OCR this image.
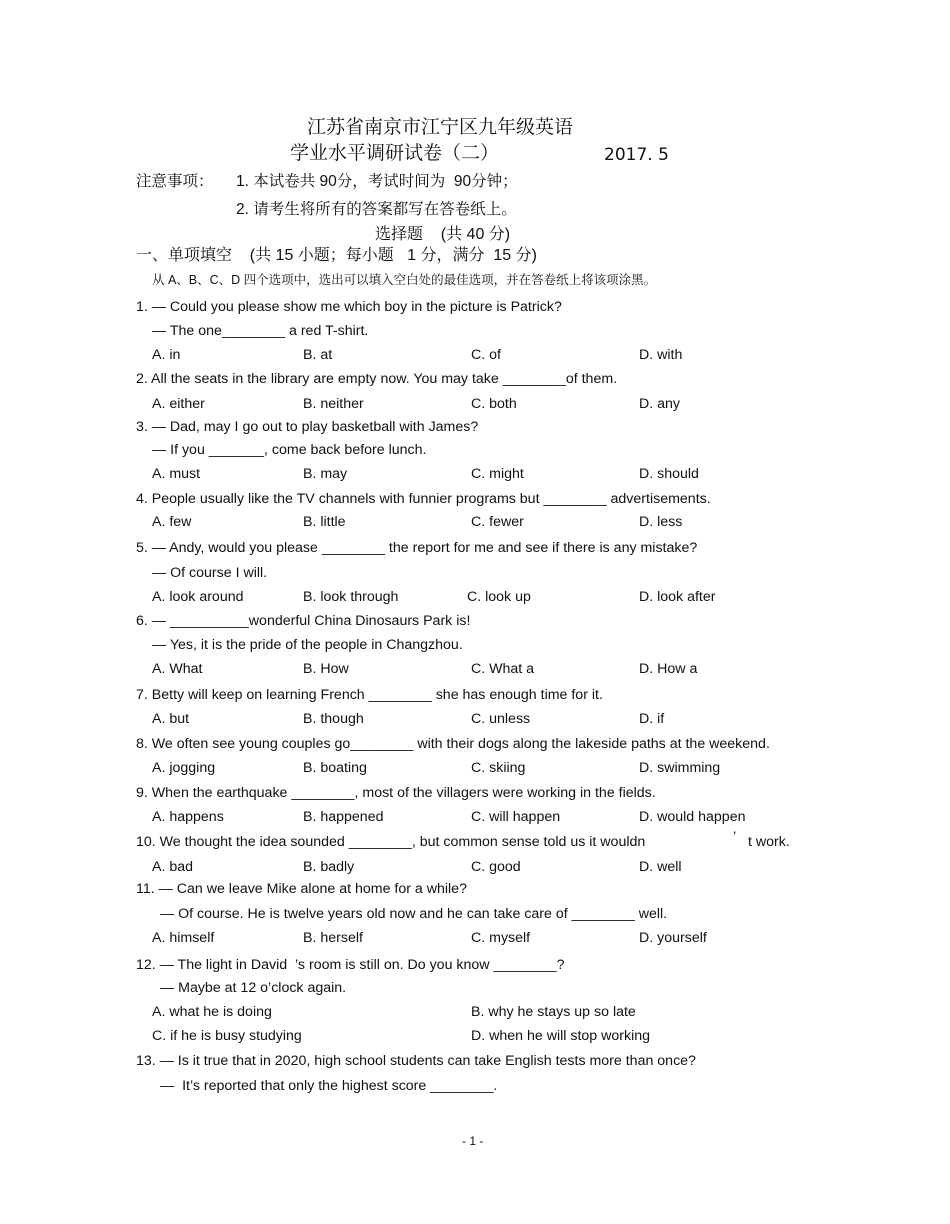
江苏省南京市江宁区九年级英语
学业水平调研试卷（二）	2017. 5
注意事项： 1. 本试卷共 90分，考试时间为  90分钟；
2. 请考生将所有的答案都写在答卷纸上。
选择题    (共 40 分)
一、单项填空    (共 15 小题；每小题   1 分，满分  15 分)
从 A、B、C、D 四个选项中，选出可以填入空白处的最佳选项，并在答卷纸上将该项涂黑。
1. — Could you please show me which boy in the picture is Patrick?
— The one________ a red T-shirt.
A. in	B. at	C. of	D. with
2. All the seats in the library are empty now. You may take ________of them.
A. either	B. neither	C. both	D. any
3. — Dad, may I go out to play basketball with James?
— If you _______, come back before lunch.
A. must	B. may	C. might	D. should
4. People usually like the TV channels with funnier programs but ________ advertisements.
A. few	B. little	C. fewer	D. less
5. — Andy, would you please ________ the report for me and see if there is any mistake?
— Of course I will.
A. look around	B. look through	C. look up	D. look after
6. — __________wonderful China Dinosaurs Park is!
— Yes, it is the pride of the people in Changzhou.
A. What	B. How	C. What a	D. How a
7. Betty will keep on learning French ________ she has enough time for it.
A. but	B. though	C. unless	D. if
8. We often see young couples go________ with their dogs along the lakeside paths at the weekend.
A. jogging	B. boating	C. skiing	D. swimming
9. When the earthquake ________, most of the villagers were working in the fields.
A. happens	B. happened	C. will happen	D. would happen
10. We thought the idea sounded ________, but common sense told us it wouldn	’ t work.
A. bad	B. badly	C. good	D. well
11. — Can we leave Mike alone at home for a while?
— Of course. He is twelve years old now and he can take care of ________ well.
A. himself	B. herself	C. myself	D. yourself
12. — The light in David  ’s room is still on. Do you know ________?
— Maybe at 12 o’clock again.
A. what he is doing	B. why he stays up so late
C. if he is busy studying	D. when he will stop working
13. — Is it true that in 2020, high school students can take English tests more than once?
—  It’s reported that only the highest score ________.
- 1 -
